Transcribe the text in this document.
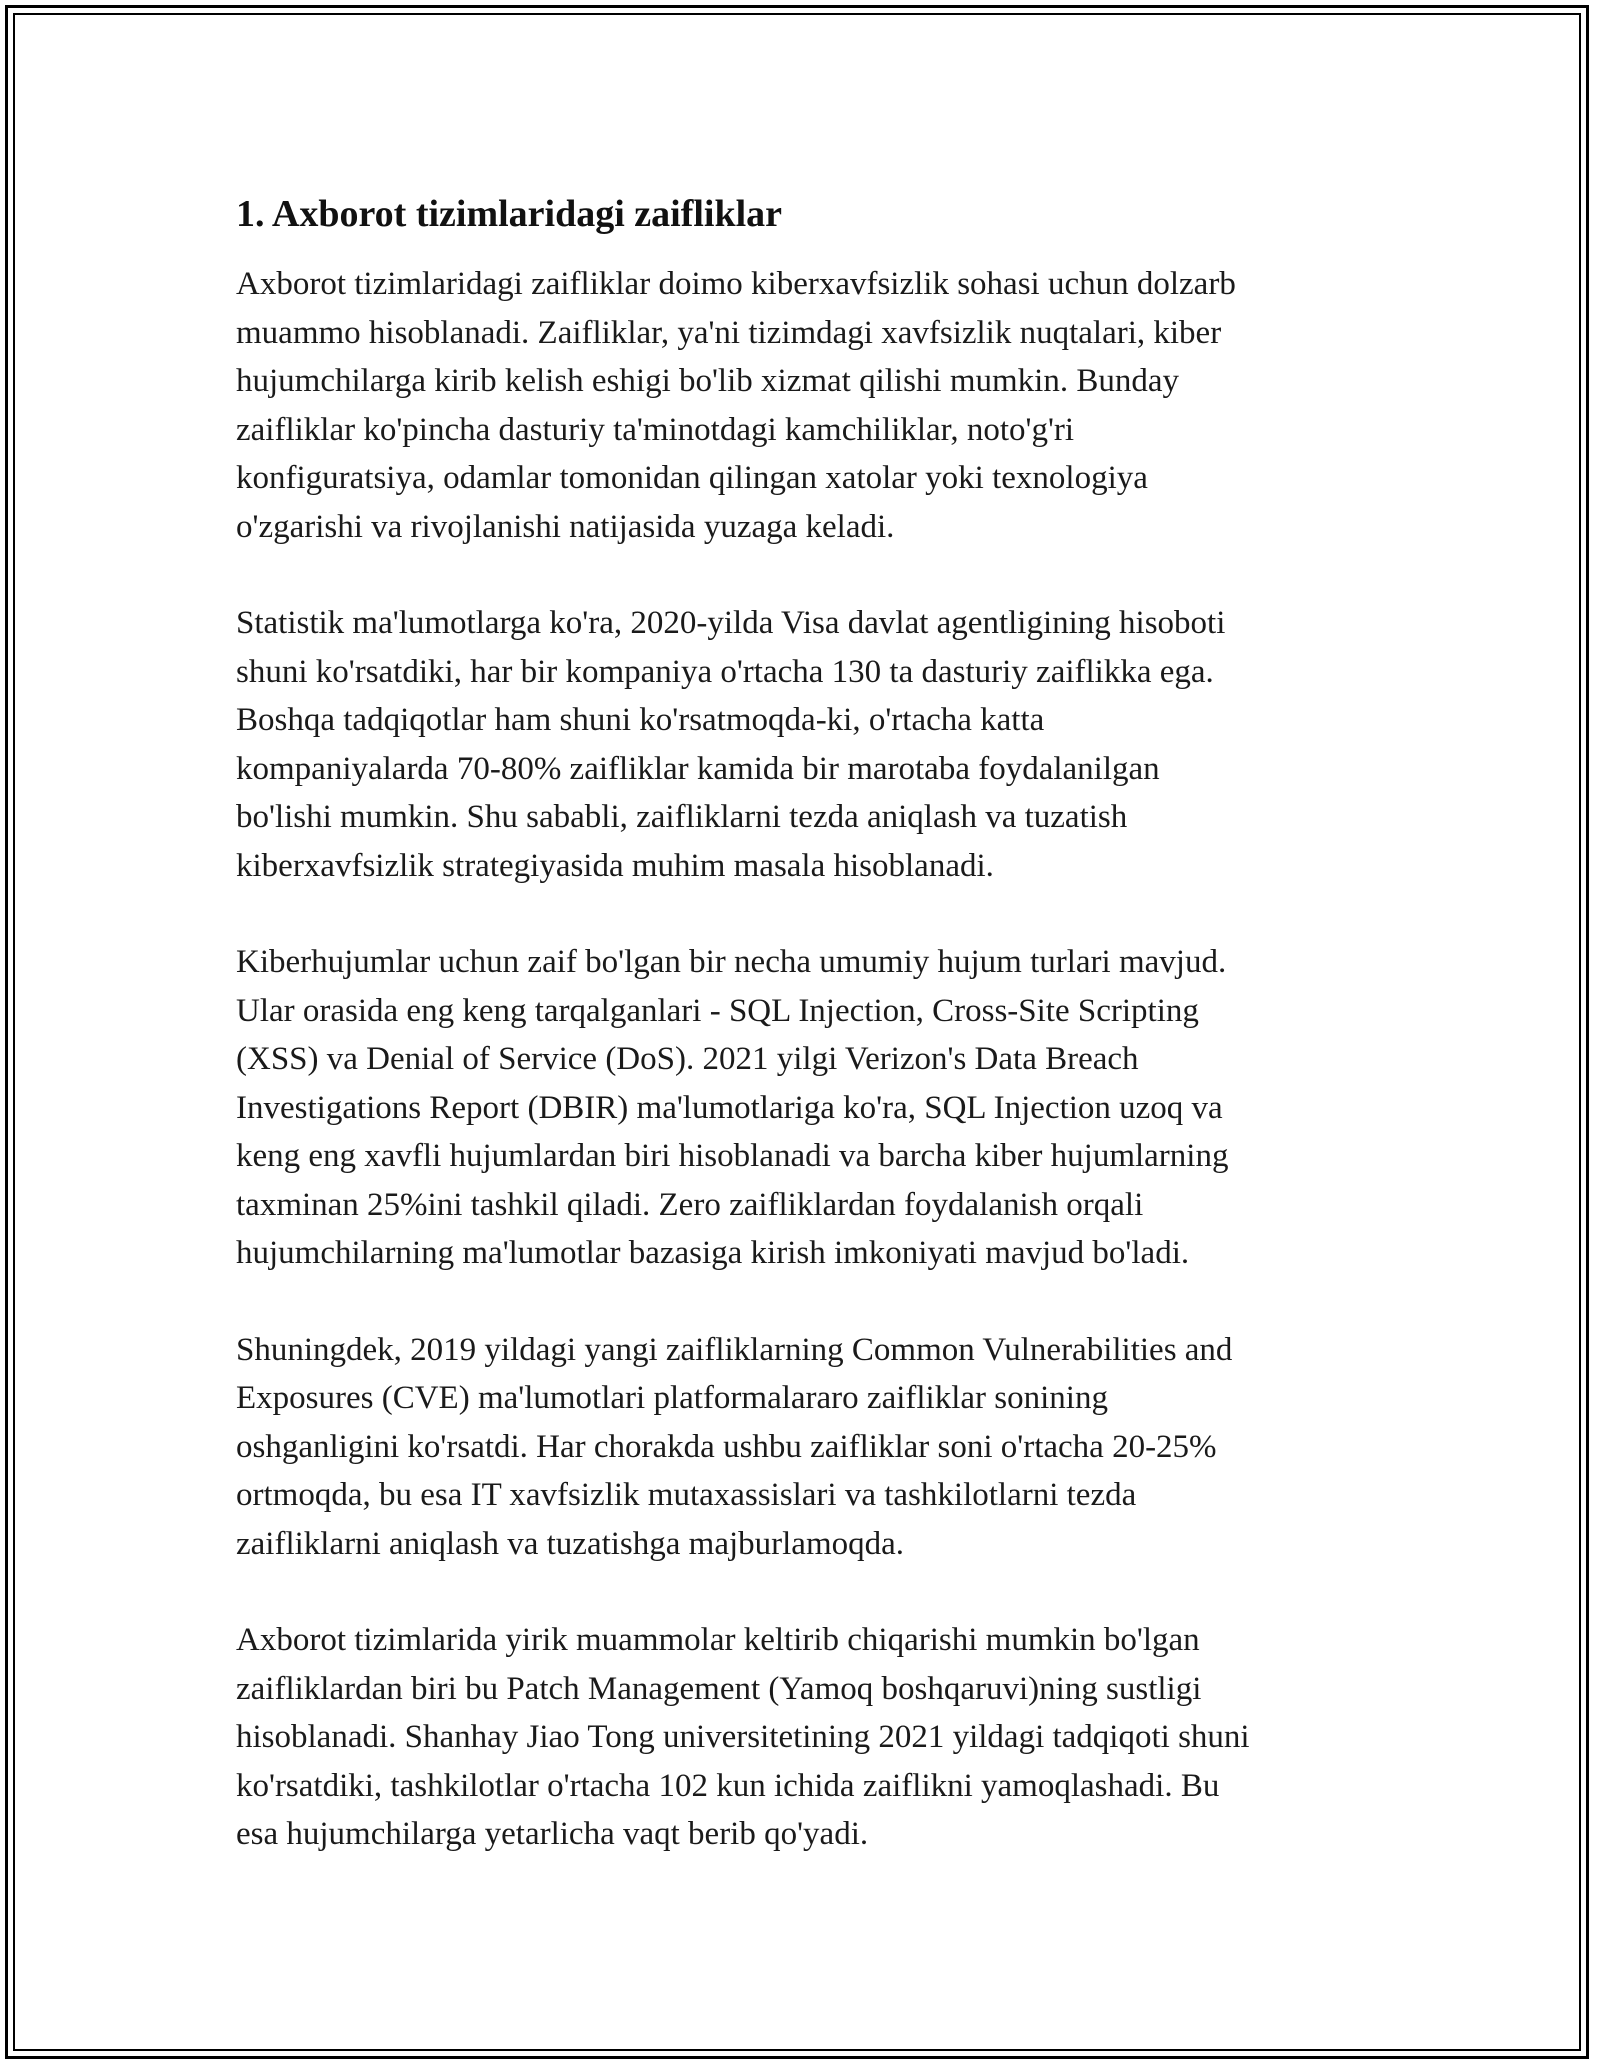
1. Axborot tizimlaridagi zaifliklar

Axborot tizimlaridagi zaifliklar doimo kiberxavfsizlik sohasi uchun dolzarb
muammo hisoblanadi. Zaifliklar, ya'ni tizimdagi xavfsizlik nuqtalari, kiber
hujumchilarga kirib kelish eshigi bo'lib xizmat qilishi mumkin. Bunday
zaifliklar ko'pincha dasturiy ta'minotdagi kamchiliklar, noto'g'ri
konfiguratsiya, odamlar tomonidan qilingan xatolar yoki texnologiya
o'zgarishi va rivojlanishi natijasida yuzaga keladi.

Statistik ma'lumotlarga ko'ra, 2020-yilda Visa davlat agentligining hisoboti
shuni ko'rsatdiki, har bir kompaniya o'rtacha 130 ta dasturiy zaiflikka ega.
Boshqa tadqiqotlar ham shuni ko'rsatmoqda-ki, o'rtacha katta
kompaniyalarda 70-80% zaifliklar kamida bir marotaba foydalanilgan
bo'lishi mumkin. Shu sababli, zaifliklarni tezda aniqlash va tuzatish
kiberxavfsizlik strategiyasida muhim masala hisoblanadi.

Kiberhujumlar uchun zaif bo'lgan bir necha umumiy hujum turlari mavjud.
Ular orasida eng keng tarqalganlari - SQL Injection, Cross-Site Scripting
(XSS) va Denial of Service (DoS). 2021 yilgi Verizon's Data Breach
Investigations Report (DBIR) ma'lumotlariga ko'ra, SQL Injection uzoq va
keng eng xavfli hujumlardan biri hisoblanadi va barcha kiber hujumlarning
taxminan 25%ini tashkil qiladi. Zero zaifliklardan foydalanish orqali
hujumchilarning ma'lumotlar bazasiga kirish imkoniyati mavjud bo'ladi.

Shuningdek, 2019 yildagi yangi zaifliklarning Common Vulnerabilities and
Exposures (CVE) ma'lumotlari platformalararo zaifliklar sonining
oshganligini ko'rsatdi. Har chorakda ushbu zaifliklar soni o'rtacha 20-25%
ortmoqda, bu esa IT xavfsizlik mutaxassislari va tashkilotlarni tezda
zaifliklarni aniqlash va tuzatishga majburlamoqda.

Axborot tizimlarida yirik muammolar keltirib chiqarishi mumkin bo'lgan
zaifliklardan biri bu Patch Management (Yamoq boshqaruvi)ning sustligi
hisoblanadi. Shanhay Jiao Tong universitetining 2021 yildagi tadqiqoti shuni
ko'rsatdiki, tashkilotlar o'rtacha 102 kun ichida zaiflikni yamoqlashadi. Bu
esa hujumchilarga yetarlicha vaqt berib qo'yadi.
